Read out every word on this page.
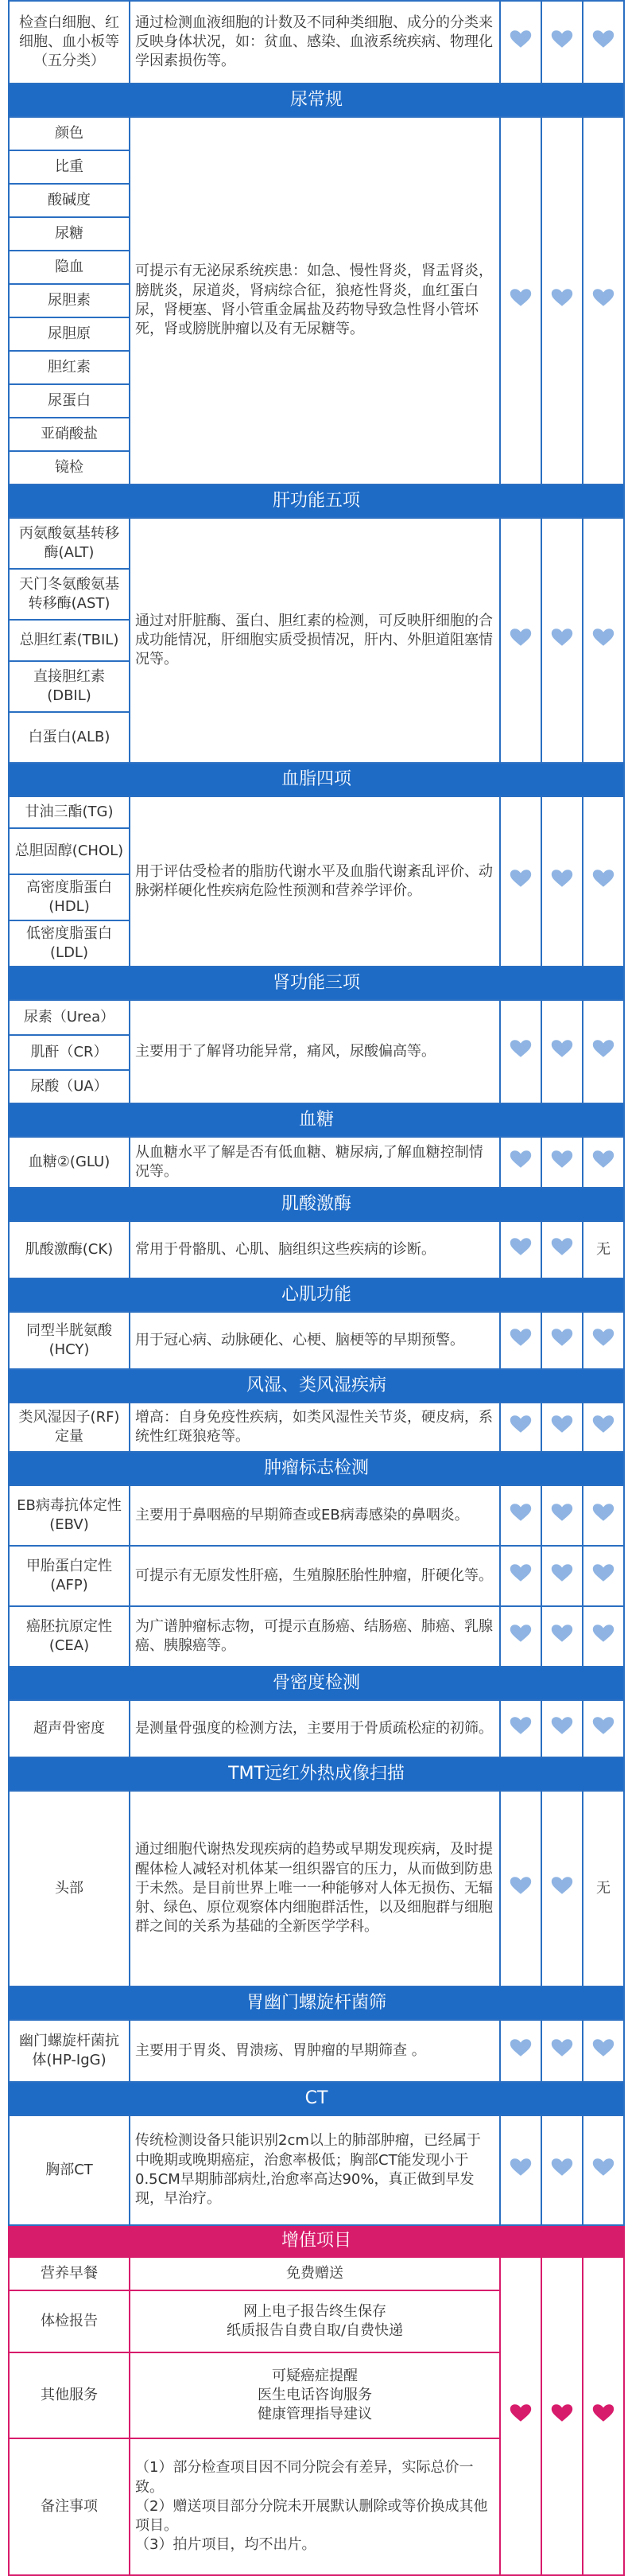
检查白细胞、红细胞、血小板等（五分类）	通过检测血液细胞的计数及不同种类细胞、成分的分类来反映身体状况，如：贫血、感染、血液系统疾病、物理化学因素损伤等。	

尿常规				
颜色	可提示有无泌尿系统疾患：如急、慢性肾炎，肾盂肾炎，膀胱炎，尿道炎，肾病综合征，狼疮性肾炎，血红蛋白尿，肾梗塞、肾小管重金属盐及药物导致急性肾小管坏死，肾或膀胱肿瘤以及有无尿糖等。	

比重				
酸碱度				
尿糖				
隐血				
尿胆素				
尿胆原				
胆红素				
尿蛋白				
亚硝酸盐				
镜检				
肝功能五项				
丙氨酸氨基转移酶(ALT)	通过对肝脏酶、蛋白、胆红素的检测，可反映肝细胞的合成功能情况，肝细胞实质受损情况，肝内、外胆道阻塞情况等。	

天门冬氨酸氨基转移酶(AST)				
总胆红素(TBIL)				
直接胆红素(DBIL)				
白蛋白(ALB)				
血脂四项				
甘油三酯(TG)	用于评估受检者的脂肪代谢水平及血脂代谢紊乱评价、动脉粥样硬化性疾病危险性预测和营养学评价。	

总胆固醇(CHOL)				
高密度脂蛋白(HDL)				
低密度脂蛋白(LDL)				
肾功能三项				
尿素（Urea）	主要用于了解肾功能异常，痛风，尿酸偏高等。	

肌酐（CR）				
尿酸（UA）				
血糖				
血糖②(GLU)	从血糖水平了解是否有低血糖、糖尿病,了解血糖控制情况等。	

肌酸激酶				
肌酸激酶(CK)	常用于骨骼肌、心肌、脑组织这些疾病的诊断。			无
心肌功能				
同型半胱氨酸(HCY)	用于冠心病、动脉硬化、心梗、脑梗等的早期预警。	

风湿、类风湿疾病				
类风湿因子(RF)定量	增高：自身免疫性疾病，如类风湿性关节炎，硬皮病，系统性红斑狼疮等。	

肿瘤标志检测				
EB病毒抗体定性(EBV)	主要用于鼻咽癌的早期筛查或EB病毒感染的鼻咽炎。	

甲胎蛋白定性(AFP)	可提示有无原发性肝癌，生殖腺胚胎性肿瘤，肝硬化等。	

癌胚抗原定性(CEA)	为广谱肿瘤标志物，可提示直肠癌、结肠癌、肺癌、乳腺癌、胰腺癌等。	

骨密度检测				
超声骨密度	是测量骨强度的检测方法，主要用于骨质疏松症的初筛。	

TMT远红外热成像扫描				
头部	通过细胞代谢热发现疾病的趋势或早期发现疾病，及时提醒体检人减轻对机体某一组织器官的压力，从而做到防患于未然。是目前世界上唯一一种能够对人体无损伤、无辐射、绿色、原位观察体内细胞群活性，以及细胞群与细胞群之间的关系为基础的全新医学学科。			无
胃幽门螺旋杆菌筛				
幽门螺旋杆菌抗体(HP-IgG)	主要用于胃炎、胃溃疡、胃肿瘤的早期筛查 。	

CT				
胸部CT	传统检测设备只能识别2cm以上的肺部肿瘤，已经属于中晚期或晚期癌症，治愈率极低；胸部CT能发现小于0.5CM早期肺部病灶,治愈率高达90%，真正做到早发现，早治疗。	

增值项目				
营养早餐	免费赠送

体检报告	网上电子报告终生保存
纸质报告自费自取/自费快递			

其他服务	可疑癌症提醒
医生电话咨询服务
健康管理指导建议			

备注事项	（1）部分检查项目因不同分院会有差异，实际总价一致。
（2）赠送项目部分分院未开展默认删除或等价换成其他项目。
（3）拍片项目，均不出片。			
